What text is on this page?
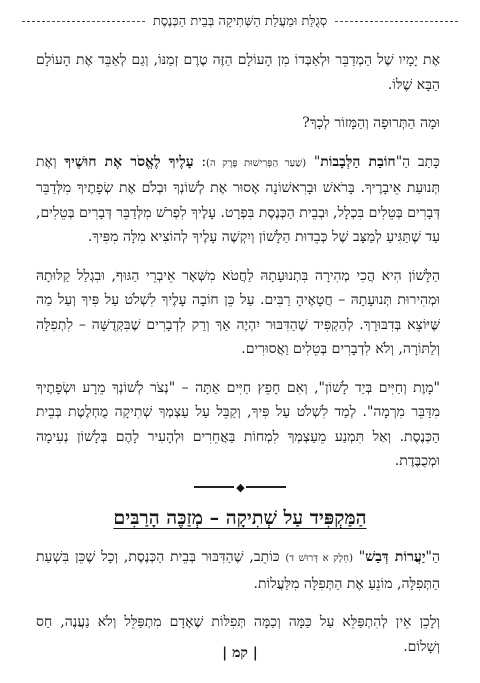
סְגֻלַּת וּמַעֲלַת הַשְּׁתִיקָה בְּבֵית הַכְּנֶסֶת

אֶת יָמָיו שֶׁל הַמְדַבֵּר וּלְאַבְּדוֹ מִן הָעוֹלָם הַזֶּה טֶרֶם זְמַנּוֹ, וְגַם לְאַבֵּד אֶת הָעוֹלָם הַבָּא שֶׁלּוֹ.

וּמָה הַתְּרוּפָה וְהַמָּזוֹר לְכָךְ?

כָּתַב הַ"חוֹבַת הַלְּבָבוֹת" (שַׁעַר הַפְּרִישׁוּת פֶּרֶק ה): עָלֶיךָ לֶאֱסֹר אֶת חוּשֶׁיךָ וְאֶת תְּנוּעַת אֵיבָרֶיךָ. בָּרֹאשׁ וּבָרִאשׁוֹנָה אָסוּר אֶת לְשׁוֹנְךָ וּבְלֹם אֶת שְׂפָתֶיךָ מִלְּדַבֵּר דְּבָרִים בְּטֵלִים בִּכְלָל, וּבְבֵית הַכְּנֶסֶת בִּפְרָט. עָלֶיךָ לִפְרֹשׁ מִלְּדַבֵּר דְּבָרִים בְּטֵלִים, עַד שֶׁתַּגִּיעַ לְמַצָּב שֶׁל כְּבֵדוּת הַלָּשׁוֹן וְיִקְשֶׁה עָלֶיךָ לְהוֹצִיא מִלָּה מִפִּיךָ.

הַלָּשׁוֹן הִיא הֲכִי מְהִירָה בִּתְנוּעָתָהּ לַחֲטֹא מִשְּׁאָר אֵיבְרֵי הַגּוּף, וּבִגְלַל קַלּוּתָהּ וּמְהִירוּת תְּנוּעָתָהּ – חֲטָאֶיהָ רַבִּים. עַל כֵּן חוֹבָה עָלֶיךָ לִשְׁלֹט עַל פִּיךָ וְעַל מַה שֶּׁיּוֹצֵא בְּדִבּוּרָךְ. לְהַקְפִּיד שֶׁהַדִּבּוּר יִהְיֶה אַךְ וְרַק לִדְבָרִים שֶׁבִּקְדֻשָּׁה – לִתְפִלָּה וְלַתּוֹרָה, וְלֹא לִדְבָרִים בְּטֵלִים וַאֲסוּרִים.

"מָוֶת וְחַיִּים בְּיַד לָשׁוֹן", וְאִם חָפֵץ חַיִּים אַתָּה – "נְצֹר לְשׁוֹנְךָ מֵרָע וּשְׂפָתֶיךָ מִדַּבֵּר מִרְמָה". לְמַד לִשְׁלֹט עַל פִּיךָ, וְקַבֵּל עַל עַצְמְךָ שְׁתִיקָה מֻחְלֶטֶת בְּבֵית הַכְּנֶסֶת. וְאַל תִּמְנַע מֵעַצְמְךָ לִמְחוֹת בַּאֲחֵרִים וּלְהָעִיר לָהֶם בְּלָשׁוֹן נְעִימָה וּמְכֻבֶּדֶת.

◆
הַמַּקְפִּיד עַל שְׁתִיקָה – מְזַכֶּה הָרַבִּים

הַ"יַעֲרוֹת דְּבַשׁ" (חֵלֶק א דְּרוּשׁ ד) כּוֹתֵב, שֶׁהַדִּבּוּר בְּבֵית הַכְּנֶסֶת, וְכָל שֶׁכֵּן בִּשְׁעַת הַתְּפִלָּה, מוֹנֵעַ אֶת הַתְּפִלָּה מִלַּעֲלוֹת.

וְלָכֵן אֵין לְהִתְפַּלֵּא עַל כַּמָּה וְכַמָּה תְּפִלּוֹת שֶׁאָדָם מִתְפַּלֵּל וְלֹא נַעֲנֶה, חַס וְשָׁלוֹם.

| קמ |
